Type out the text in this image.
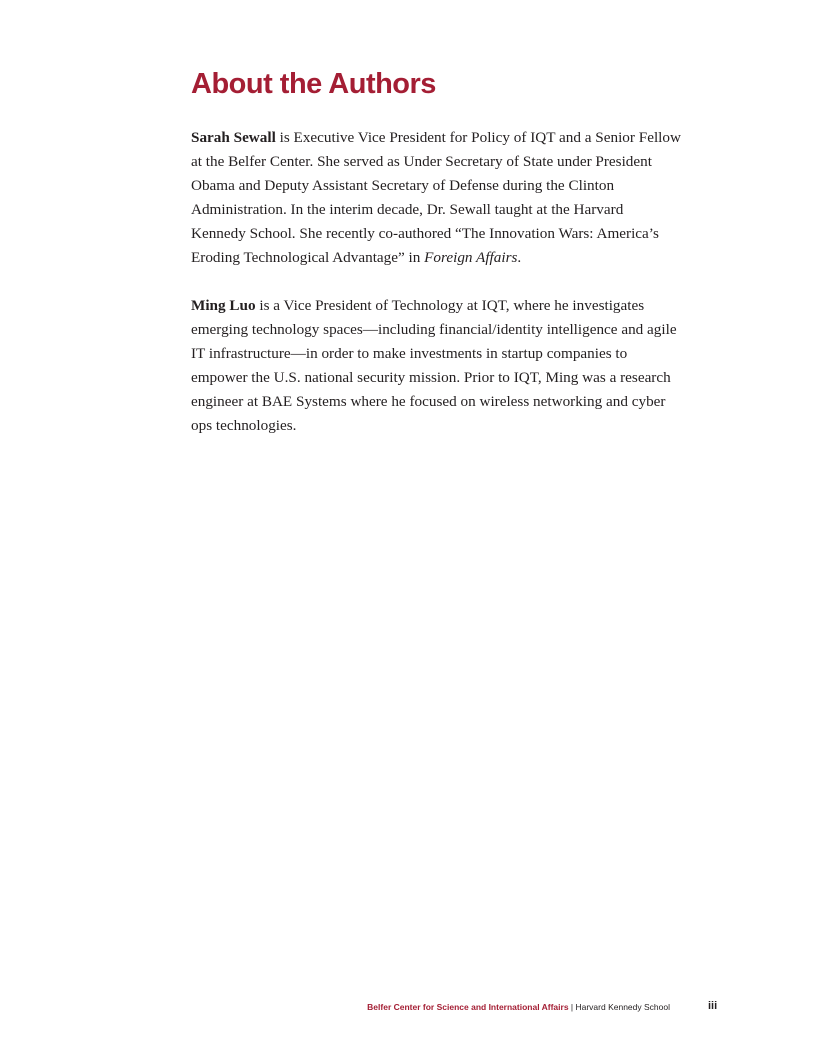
About the Authors

Sarah Sewall is Executive Vice President for Policy of IQT and a Senior Fellow at the Belfer Center. She served as Under Secretary of State under President Obama and Deputy Assistant Secretary of Defense during the Clinton Administration. In the interim decade, Dr. Sewall taught at the Harvard Kennedy School. She recently co-authored “The Innovation Wars: America’s Eroding Technological Advantage” in Foreign Affairs.

Ming Luo is a Vice President of Technology at IQT, where he investigates emerging technology spaces—including financial/identity intelligence and agile IT infrastructure—in order to make investments in startup companies to empower the U.S. national security mission. Prior to IQT, Ming was a research engineer at BAE Systems where he focused on wireless networking and cyber ops technologies.

Belfer Center for Science and International Affairs | Harvard Kennedy School	iii
